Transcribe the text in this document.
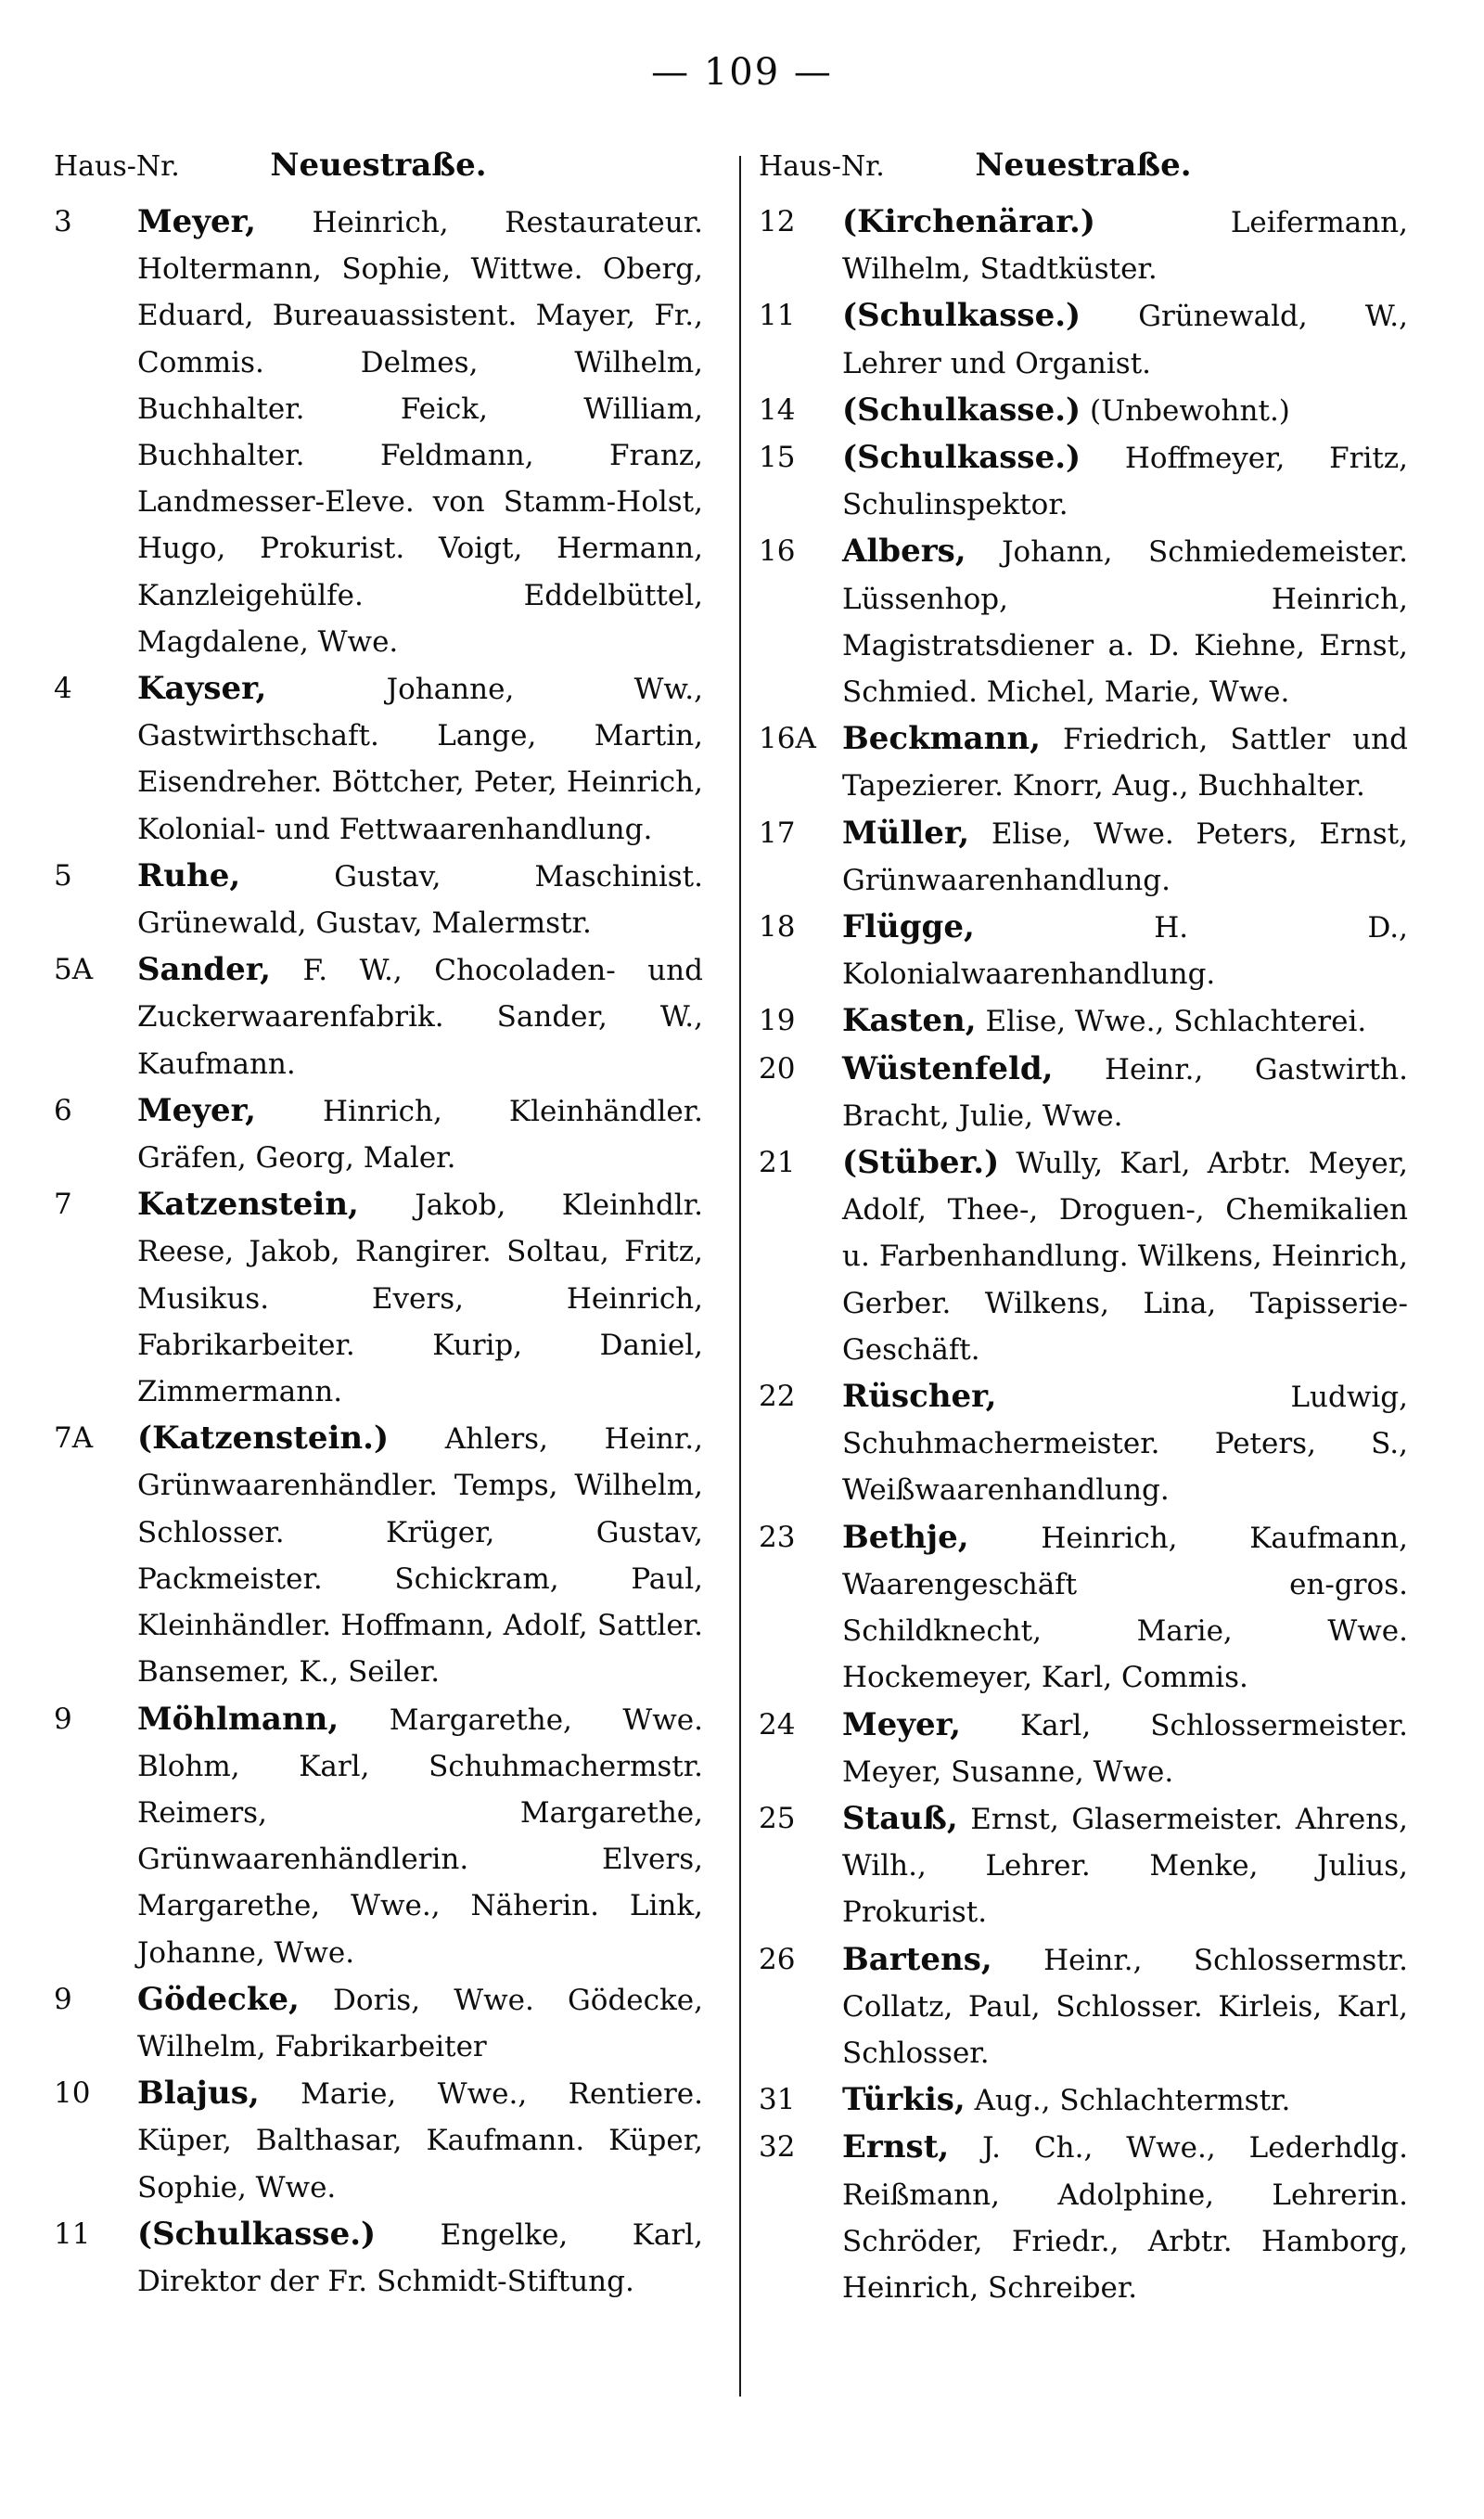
— 109 —
Haus-Nr.	Neuestraße.
3	Meyer, Heinrich, Restaurateur. Holtermann, Sophie, Wittwe. Oberg, Eduard, Bureauassistent. Mayer, Fr., Commis. Delmes, Wilhelm, Buchhalter. Feick, William, Buchhalter. Feldmann, Franz, Landmesser-Eleve. von Stamm-Holst, Hugo, Prokurist. Voigt, Hermann, Kanzleigehülfe. Eddelbüttel, Magdalene, Wwe.
4	Kayser, Johanne, Ww., Gastwirthschaft. Lange, Martin, Eisendreher. Böttcher, Peter, Heinrich, Kolonial- und Fettwaarenhandlung.
5	Ruhe, Gustav, Maschinist. Grünewald, Gustav, Malermstr.
5A	Sander, F. W., Chocoladen- und Zuckerwaarenfabrik. Sander, W., Kaufmann.
6	Meyer, Hinrich, Kleinhändler. Gräfen, Georg, Maler.
7	Katzenstein, Jakob, Kleinhdlr. Reese, Jakob, Rangirer. Soltau, Fritz, Musikus. Evers, Heinrich, Fabrikarbeiter. Kurip, Daniel, Zimmermann.
7A	(Katzenstein.) Ahlers, Heinr., Grünwaarenhändler. Temps, Wilhelm, Schlosser. Krüger, Gustav, Packmeister. Schickram, Paul, Kleinhändler. Hoffmann, Adolf, Sattler. Bansemer, K., Seiler.
9	Möhlmann, Margarethe, Wwe. Blohm, Karl, Schuhmachermstr. Reimers, Margarethe, Grünwaarenhändlerin. Elvers, Margarethe, Wwe., Näherin. Link, Johanne, Wwe.
9	Gödecke, Doris, Wwe. Gödecke, Wilhelm, Fabrikarbeiter
10	Blajus, Marie, Wwe., Rentiere. Küper, Balthasar, Kaufmann. Küper, Sophie, Wwe.
11	(Schulkasse.) Engelke, Karl, Direktor der Fr. Schmidt-Stiftung.
Haus-Nr.	Neuestraße.
12	(Kirchenärar.) Leifermann, Wilhelm, Stadtküster.
11	(Schulkasse.) Grünewald, W., Lehrer und Organist.
14	(Schulkasse.) (Unbewohnt.)
15	(Schulkasse.) Hoffmeyer, Fritz, Schulinspektor.
16	Albers, Johann, Schmiedemeister. Lüssenhop, Heinrich, Magistratsdiener a. D. Kiehne, Ernst, Schmied. Michel, Marie, Wwe.
16A Beckmann, Friedrich, Sattler und Tapezierer. Knorr, Aug., Buchhalter.
17	Müller, Elise, Wwe. Peters, Ernst, Grünwaarenhandlung.
18	Flügge, H. D., Kolonialwaarenhandlung.
19	Kasten, Elise, Wwe., Schlachterei.
20	Wüstenfeld, Heinr., Gastwirth. Bracht, Julie, Wwe.
21	(Stüber.) Wully, Karl, Arbtr. Meyer, Adolf, Thee-, Droguen-, Chemikalien u. Farbenhandlung. Wilkens, Heinrich, Gerber. Wilkens, Lina, Tapisserie-Geschäft.
22	Rüscher, Ludwig, Schuhmachermeister. Peters, S., Weißwaarenhandlung.
23	Bethje, Heinrich, Kaufmann, Waarengeschäft en-gros. Schildknecht, Marie, Wwe. Hockemeyer, Karl, Commis.
24	Meyer, Karl, Schlossermeister. Meyer, Susanne, Wwe.
25	Stauß, Ernst, Glasermeister. Ahrens, Wilh., Lehrer. Menke, Julius, Prokurist.
26	Bartens, Heinr., Schlossermstr. Collatz, Paul, Schlosser. Kirleis, Karl, Schlosser.
31	Türkis, Aug., Schlachtermstr.
32	Ernst, J. Ch., Wwe., Lederhdlg. Reißmann, Adolphine, Lehrerin. Schröder, Friedr., Arbtr. Hamborg, Heinrich, Schreiber.
